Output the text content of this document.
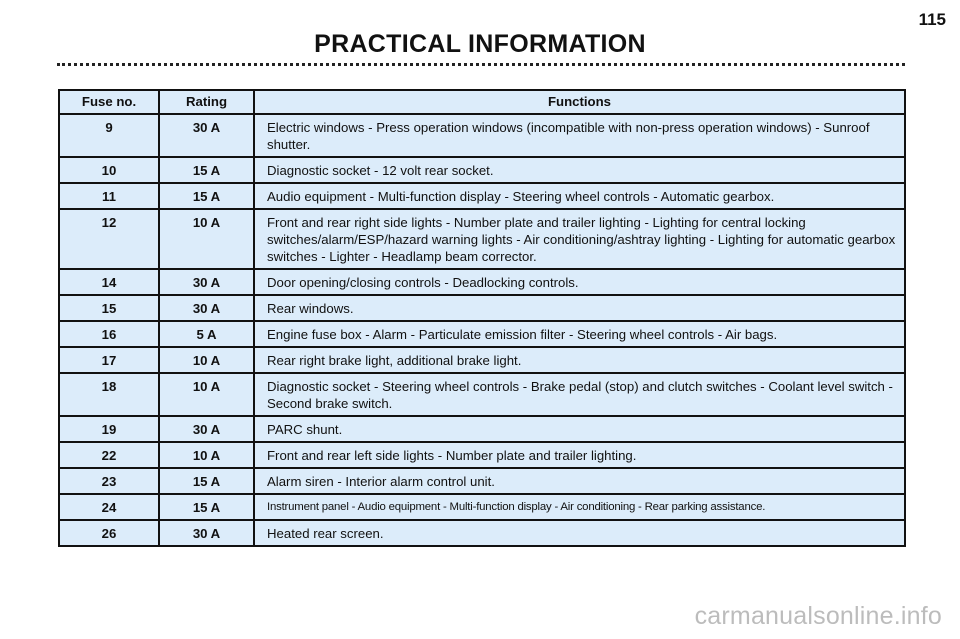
115
PRACTICAL INFORMATION
Fuse no.	Rating	Functions
9	30 A	Electric windows - Press operation windows (incompatible with non-press operation windows) - Sunroof shutter.
10	15 A	Diagnostic socket - 12 volt rear socket.
11	15 A	Audio equipment - Multi-function display - Steering wheel controls - Automatic gearbox.
12	10 A	Front and rear right side lights - Number plate and trailer lighting - Lighting for central locking switches/alarm/ESP/hazard warning lights - Air conditioning/ashtray lighting - Lighting for automatic gearbox switches - Lighter - Headlamp beam corrector.
14	30 A	Door opening/closing controls - Deadlocking controls.
15	30 A	Rear windows.
16	5 A	Engine fuse box - Alarm - Particulate emission filter - Steering wheel controls - Air bags.
17	10 A	Rear right brake light, additional brake light.
18	10 A	Diagnostic socket - Steering wheel controls - Brake pedal (stop) and clutch switches - Coolant level switch - Second brake switch.
19	30 A	PARC shunt.
22	10 A	Front and rear left side lights - Number plate and trailer lighting.
23	15 A	Alarm siren - Interior alarm control unit.
24	15 A	Instrument panel - Audio equipment - Multi-function display - Air conditioning - Rear parking assistance.
26	30 A	Heated rear screen.
carmanualsonline.info
